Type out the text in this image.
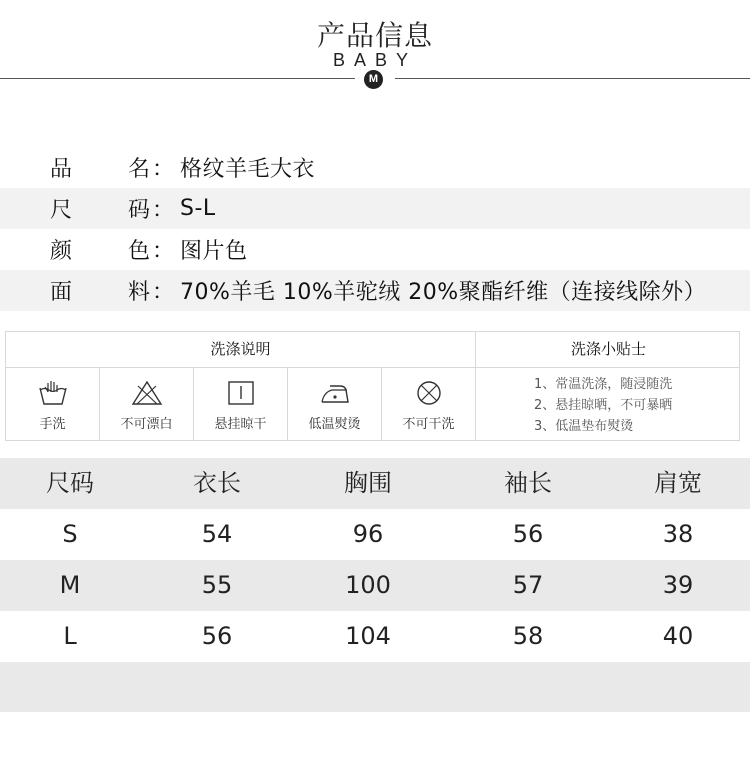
产品信息
BABY
M
品名 ： 格纹羊毛大衣
尺码 ： S-L
颜色 ： 图片色
面料 ： 70%羊毛 10%羊驼绒 20%聚酯纤维（连接线除外）
洗涤说明	洗涤小贴士
手洗	不可漂白	悬挂晾干	低温熨烫	不可干洗
1、常温洗涤，随浸随洗
2、悬挂晾晒，不可暴晒
3、低温垫布熨烫
尺码	衣长	胸围	袖长	肩宽
S	54	96	56	38
M	55	100	57	39
L	56	104	58	40
